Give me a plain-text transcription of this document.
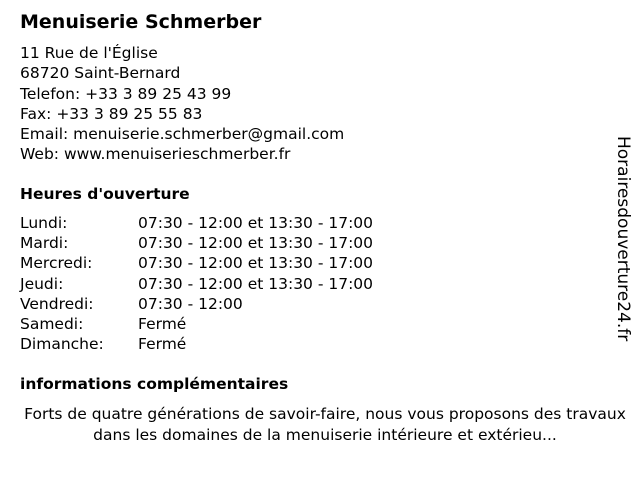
Menuiserie Schmerber
11 Rue de l'Église
68720 Saint-Bernard
Telefon: +33 3 89 25 43 99
Fax: +33 3 89 25 55 83
Email: menuiserie.schmerber@gmail.com
Web: www.menuiserieschmerber.fr
Heures d'ouverture
Lundi:	07:30 - 12:00 et 13:30 - 17:00
Mardi:	07:30 - 12:00 et 13:30 - 17:00
Mercredi:	07:30 - 12:00 et 13:30 - 17:00
Jeudi:	07:30 - 12:00 et 13:30 - 17:00
Vendredi:	07:30 - 12:00
Samedi:	Fermé
Dimanche: Fermé
informations complémentaires
Forts de quatre générations de savoir-faire, nous vous proposons des travaux dans les domaines de la menuiserie intérieure et extérieu...
Horairesdouverture24.fr
